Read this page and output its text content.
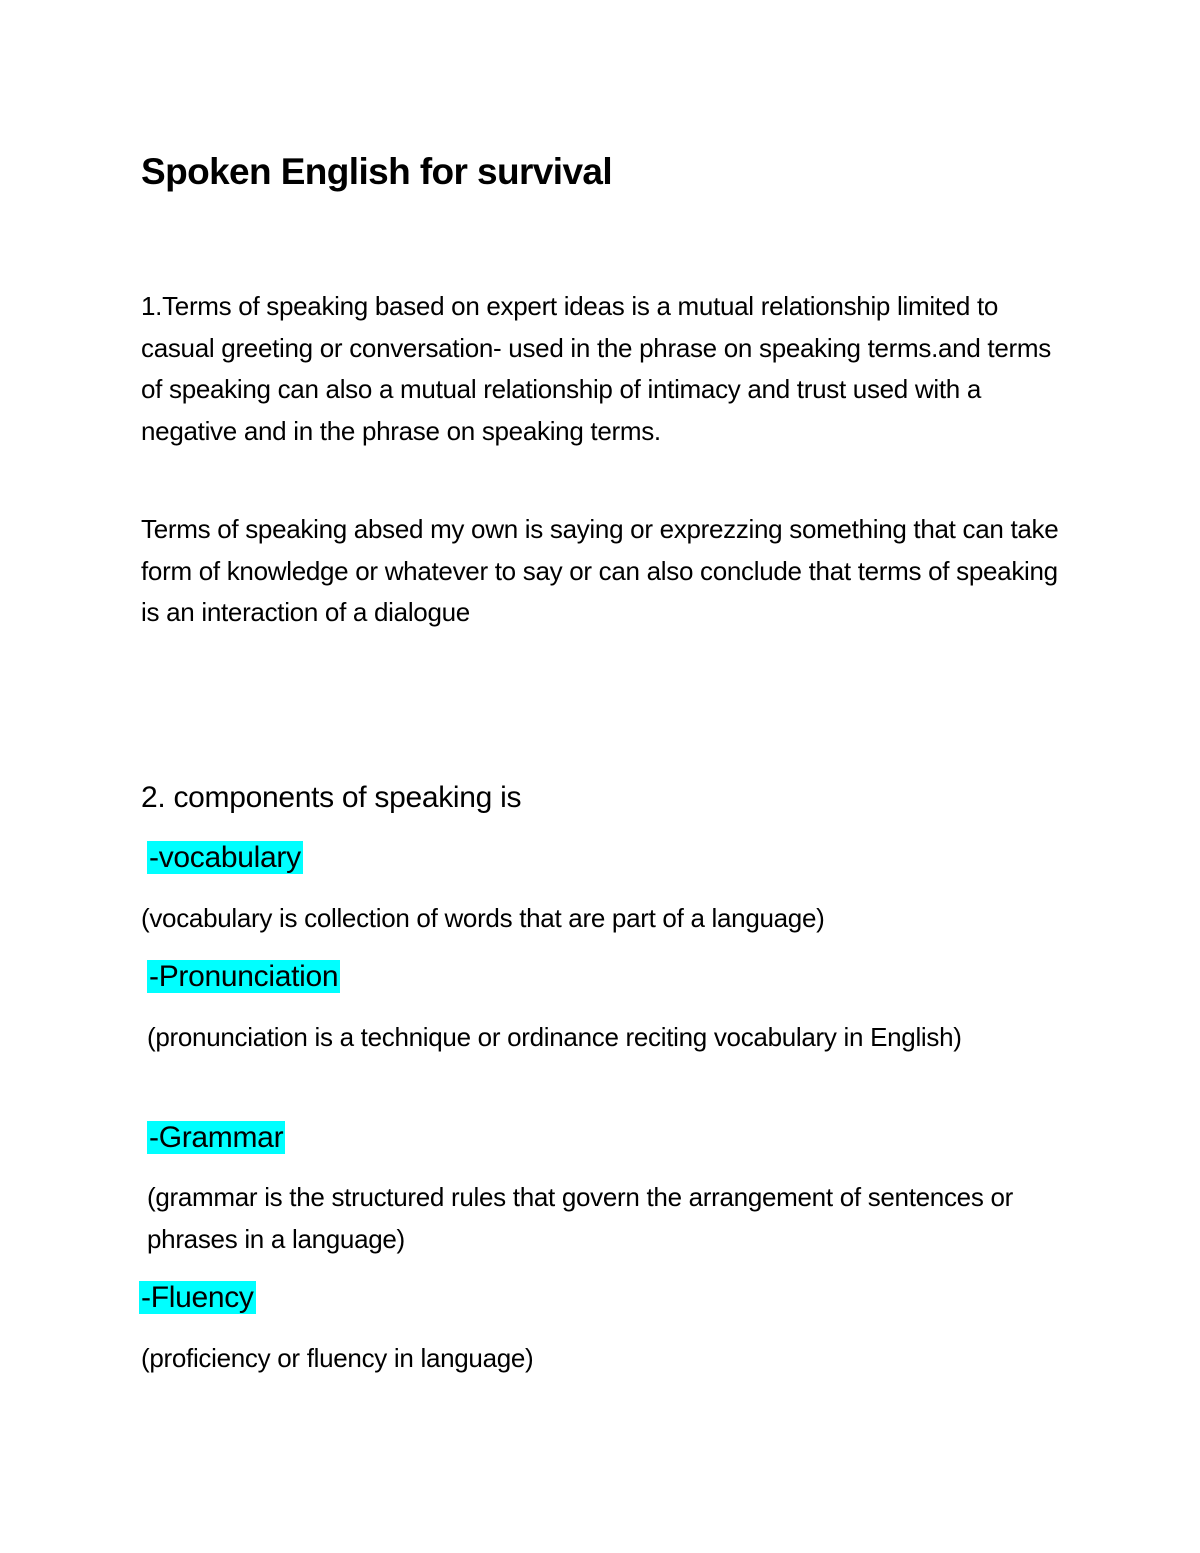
Spoken English for survival

1.Terms of speaking based on expert ideas is a mutual relationship limited to casual greeting or conversation- used in the phrase on speaking terms.and terms of speaking can also a mutual relationship of intimacy and trust used with a negative and in the phrase on speaking terms.

Terms of speaking absed my own is saying or exprezzing something that can take form of knowledge or whatever to say or can also conclude that terms of speaking is an interaction of a dialogue

2. components of speaking is
-vocabulary

(vocabulary is collection of words that are part of a language)

-Pronunciation

(pronunciation is a technique or ordinance reciting vocabulary in English)

-Grammar

(grammar is the structured rules that govern the arrangement of sentences or phrases in a language)

-Fluency

(proficiency or fluency in language)
